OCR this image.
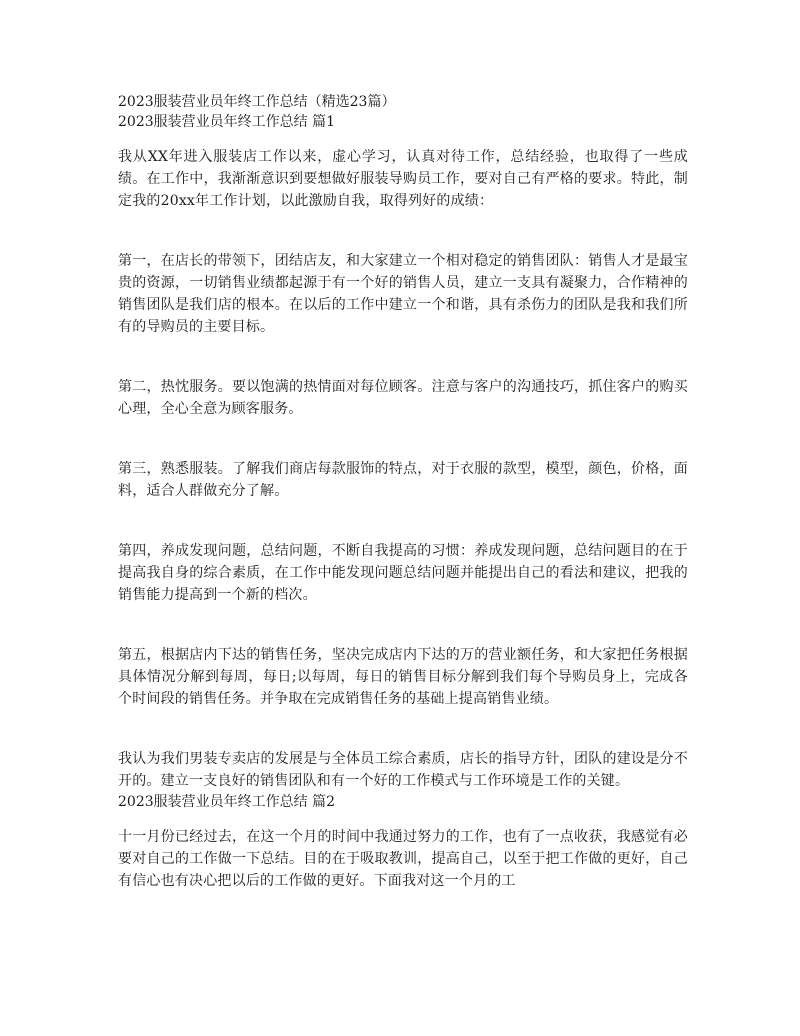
2023服装营业员年终工作总结（精选23篇）

2023服装营业员年终工作总结 篇1

我从XX年进入服装店工作以来，虚心学习，认真对待工作，总结经验，也取得了一些成绩。在工作中，我渐渐意识到要想做好服装导购员工作，要对自己有严格的要求。特此，制定我的20xx年工作计划，以此激励自我，取得列好的成绩：

第一，在店长的带领下，团结店友，和大家建立一个相对稳定的销售团队：销售人才是最宝贵的资源，一切销售业绩都起源于有一个好的销售人员，建立一支具有凝聚力，合作精神的销售团队是我们店的根本。在以后的工作中建立一个和谐，具有杀伤力的团队是我和我们所有的导购员的主要目标。

第二，热忱服务。要以饱满的热情面对每位顾客。注意与客户的沟通技巧，抓住客户的购买心理，全心全意为顾客服务。

第三，熟悉服装。了解我们商店每款服饰的特点，对于衣服的款型，模型，颜色，价格，面料，适合人群做充分了解。

第四，养成发现问题，总结问题，不断自我提高的习惯：养成发现问题，总结问题目的在于提高我自身的综合素质，在工作中能发现问题总结问题并能提出自己的看法和建议，把我的销售能力提高到一个新的档次。

第五，根据店内下达的销售任务，坚决完成店内下达的万的营业额任务，和大家把任务根据具体情况分解到每周，每日;以每周，每日的销售目标分解到我们每个导购员身上，完成各个时间段的销售任务。并争取在完成销售任务的基础上提高销售业绩。

我认为我们男装专卖店的发展是与全体员工综合素质，店长的指导方针，团队的建设是分不开的。建立一支良好的销售团队和有一个好的工作模式与工作环境是工作的关键。

2023服装营业员年终工作总结 篇2

十一月份已经过去，在这一个月的时间中我通过努力的工作，也有了一点收获，我感觉有必要对自己的工作做一下总结。目的在于吸取教训，提高自己，以至于把工作做的更好，自己有信心也有决心把以后的工作做的更好。下面我对这一个月的工
